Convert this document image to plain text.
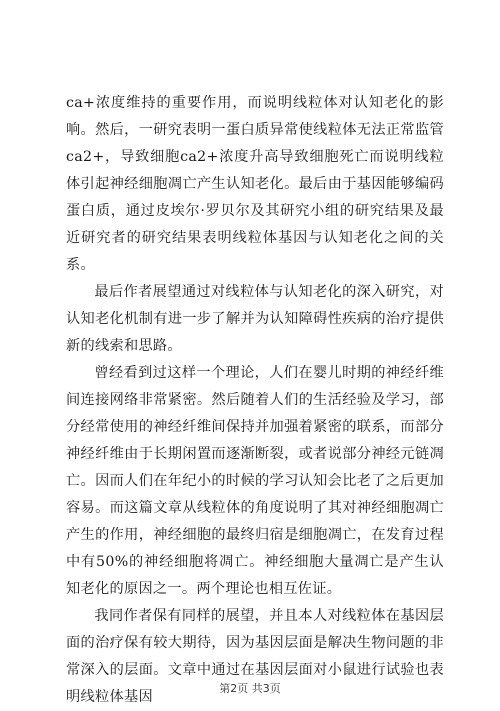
ca+浓度维持的重要作用，而说明线粒体对认知老化的影响。然后，一研究表明一蛋白质异常使线粒体无法正常监管ca2+，导致细胞ca2+浓度升高导致细胞死亡而说明线粒体引起神经细胞凋亡产生认知老化。最后由于基因能够编码蛋白质，通过皮埃尔·罗贝尔及其研究小组的研究结果及最近研究者的研究结果表明线粒体基因与认知老化之间的关系。

最后作者展望通过对线粒体与认知老化的深入研究，对认知老化机制有进一步了解并为认知障碍性疾病的治疗提供新的线索和思路。

曾经看到过这样一个理论，人们在婴儿时期的神经纤维间连接网络非常紧密。然后随着人们的生活经验及学习，部分经常使用的神经纤维间保持并加强着紧密的联系，而部分神经纤维由于长期闲置而逐渐断裂，或者说部分神经元链凋亡。因而人们在年纪小的时候的学习认知会比老了之后更加容易。而这篇文章从线粒体的角度说明了其对神经细胞凋亡产生的作用，神经细胞的最终归宿是细胞凋亡，在发育过程中有50%的神经细胞将凋亡。神经细胞大量凋亡是产生认知老化的原因之一。两个理论也相互佐证。

我同作者保有同样的展望，并且本人对线粒体在基因层面的治疗保有较大期待，因为基因层面是解决生物问题的非常深入的层面。文章中通过在基因层面对小鼠进行试验也表明线粒体基因

第2页 共3页
